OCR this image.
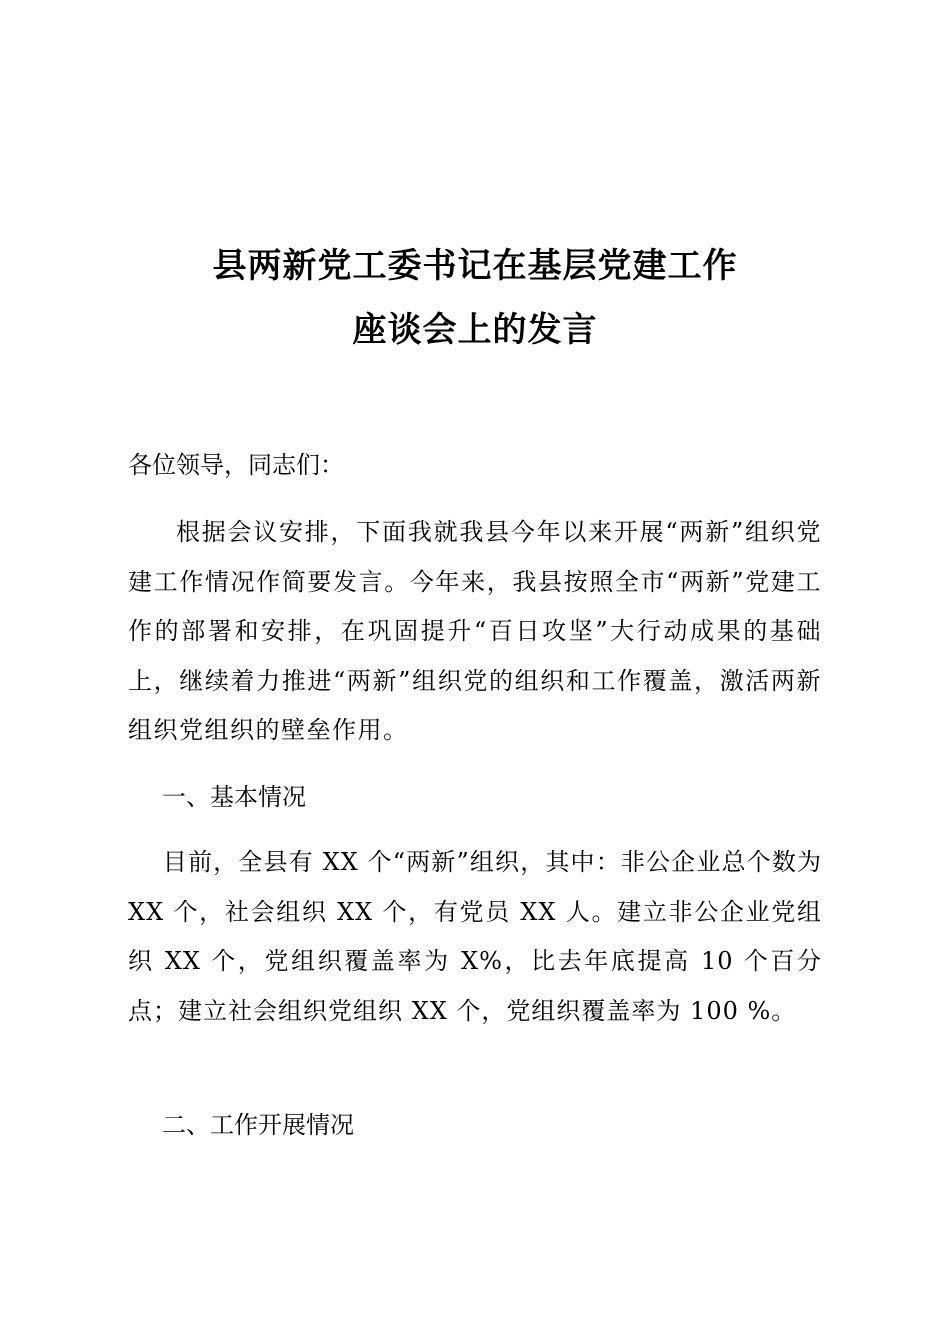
县两新党工委书记在基层党建工作
座谈会上的发言
各位领导，同志们：
根据会议安排，下面我就我县今年以来开展“两新”组织党建工作情况作简要发言。今年来，我县按照全市“两新”党建工作的部署和安排，在巩固提升“百日攻坚”大行动成果的基础上，继续着力推进“两新”组织党的组织和工作覆盖，激活两新组织党组织的壁垒作用。
一、基本情况
目前，全县有 XX 个“两新”组织，其中：非公企业总个数为 XX 个，社会组织 XX 个，有党员 XX 人。建立非公企业党组织 XX 个，党组织覆盖率为 X%，比去年底提高 10 个百分点；建立社会组织党组织 XX 个，党组织覆盖率为 100 %。
二、工作开展情况
